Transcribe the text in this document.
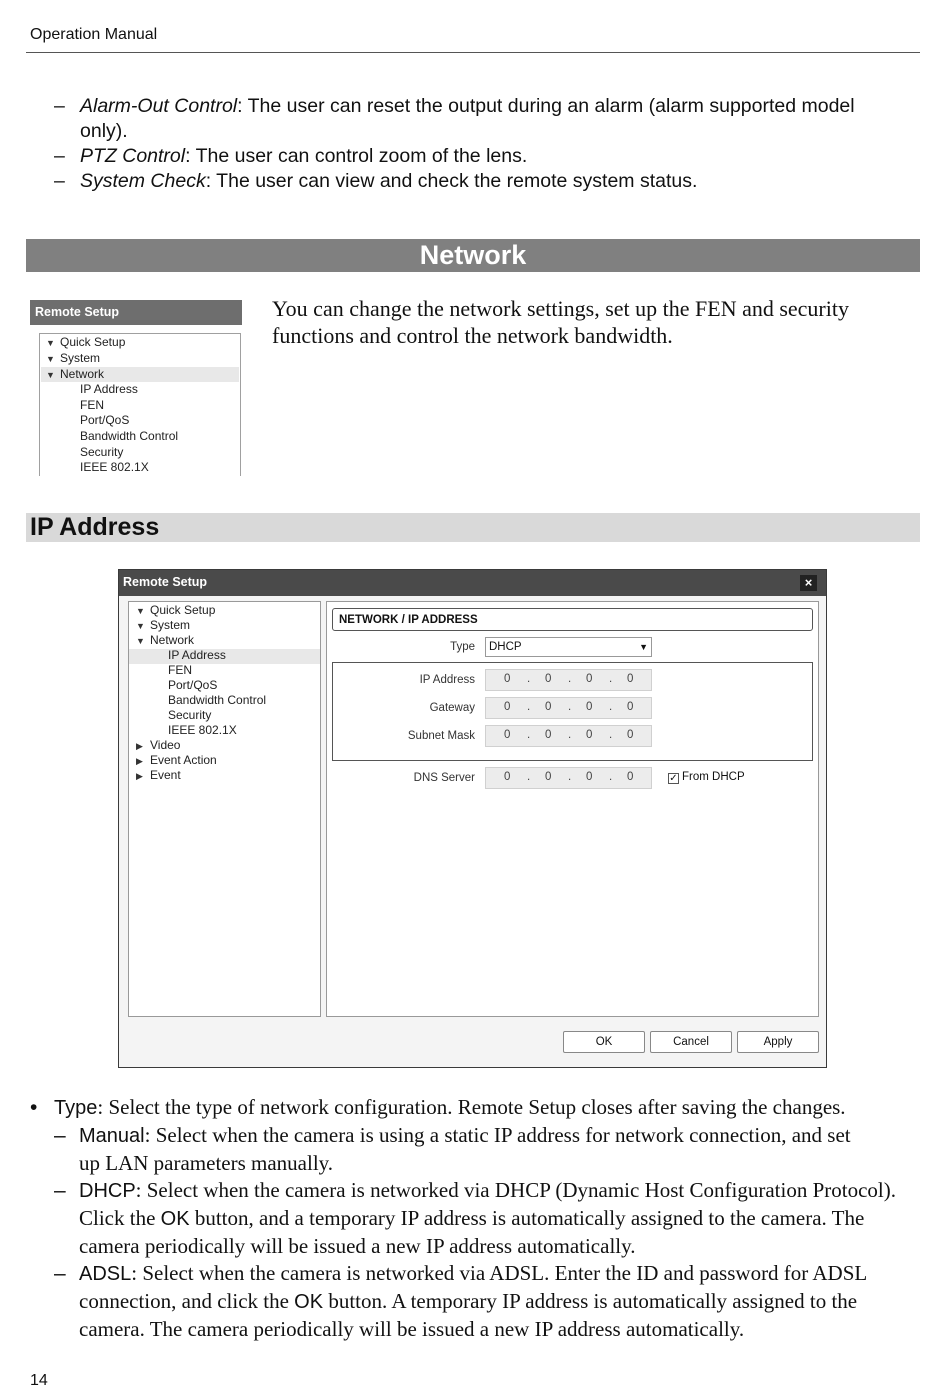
Operation Manual
– Alarm-Out Control: The user can reset the output during an alarm (alarm supported model
only).
– PTZ Control: The user can control zoom of the lens.
– System Check: The user can view and check the remote system status.
Network
Remote Setup
▼ Quick Setup
▼ System
▼ Network
IP Address
FEN
Port/QoS
Bandwidth Control
Security
IEEE 802.1X
You can change the network settings, set up the FEN and security
functions and control the network bandwidth.
IP Address
Remote Setup	×
▼ Quick Setup
▼ System
▼ Network
IP Address
FEN
Port/QoS
Bandwidth Control
Security
IEEE 802.1X
▶ Video
▶ Event Action
▶ Event
NETWORK / IP ADDRESS
Type	DHCP	▼
IP Address	0 . 0 . 0 . 0
Gateway	0 . 0 . 0 . 0
Subnet Mask	0 . 0 . 0 . 0
DNS Server	0 . 0 . 0 . 0	✓ From DHCP
OK	Cancel	Apply
• Type: Select the type of network configuration. Remote Setup closes after saving the changes.
– Manual: Select when the camera is using a static IP address for network connection, and set
up LAN parameters manually.
– DHCP: Select when the camera is networked via DHCP (Dynamic Host Configuration Protocol).
Click the OK button, and a temporary IP address is automatically assigned to the camera. The
camera periodically will be issued a new IP address automatically.
– ADSL: Select when the camera is networked via ADSL. Enter the ID and password for ADSL
connection, and click the OK button. A temporary IP address is automatically assigned to the
camera. The camera periodically will be issued a new IP address automatically.
14
